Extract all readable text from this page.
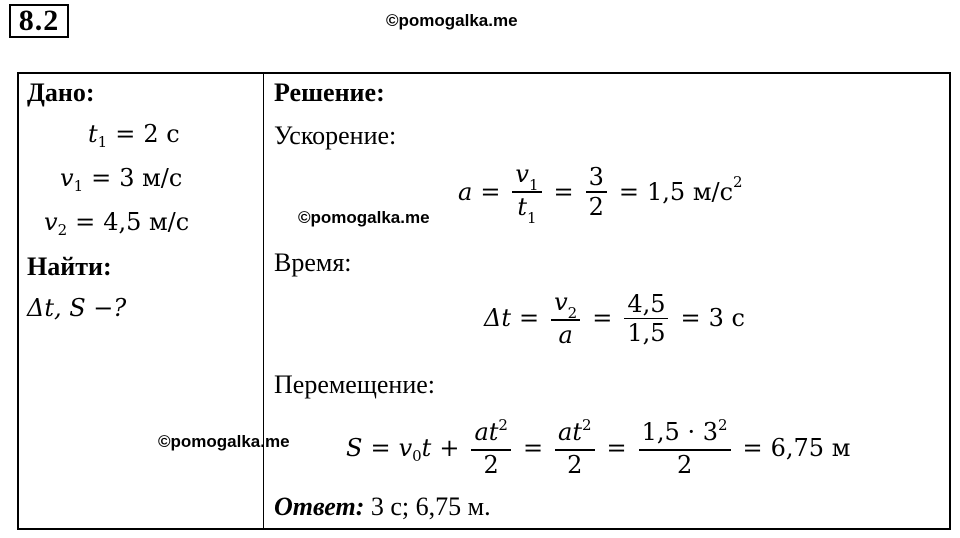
8.2	©pomogalka.me
Дано:
t 1 = 2 с
v 1 = 3 м/с
v 2 = 4,5 м/с
Найти:
Δt, S −?
Решение:
Ускорение:
©pomogalka.me
$a = \frac{v_1}{t_1} = \frac{3}{2} = 1,5$ м/с 2
Время:
$\Delta t = \frac{v_2}{a} = \frac{4,5}{1,5} = 3$ с
Перемещение:
©pomogalka.me S = v 0 $t + \frac{at^2}{2} = \frac{at^2}{2} = \frac{1,5 \cdot 3^2}{2} = 6,75$ м
Ответ: 3 с; 6,75 м.
